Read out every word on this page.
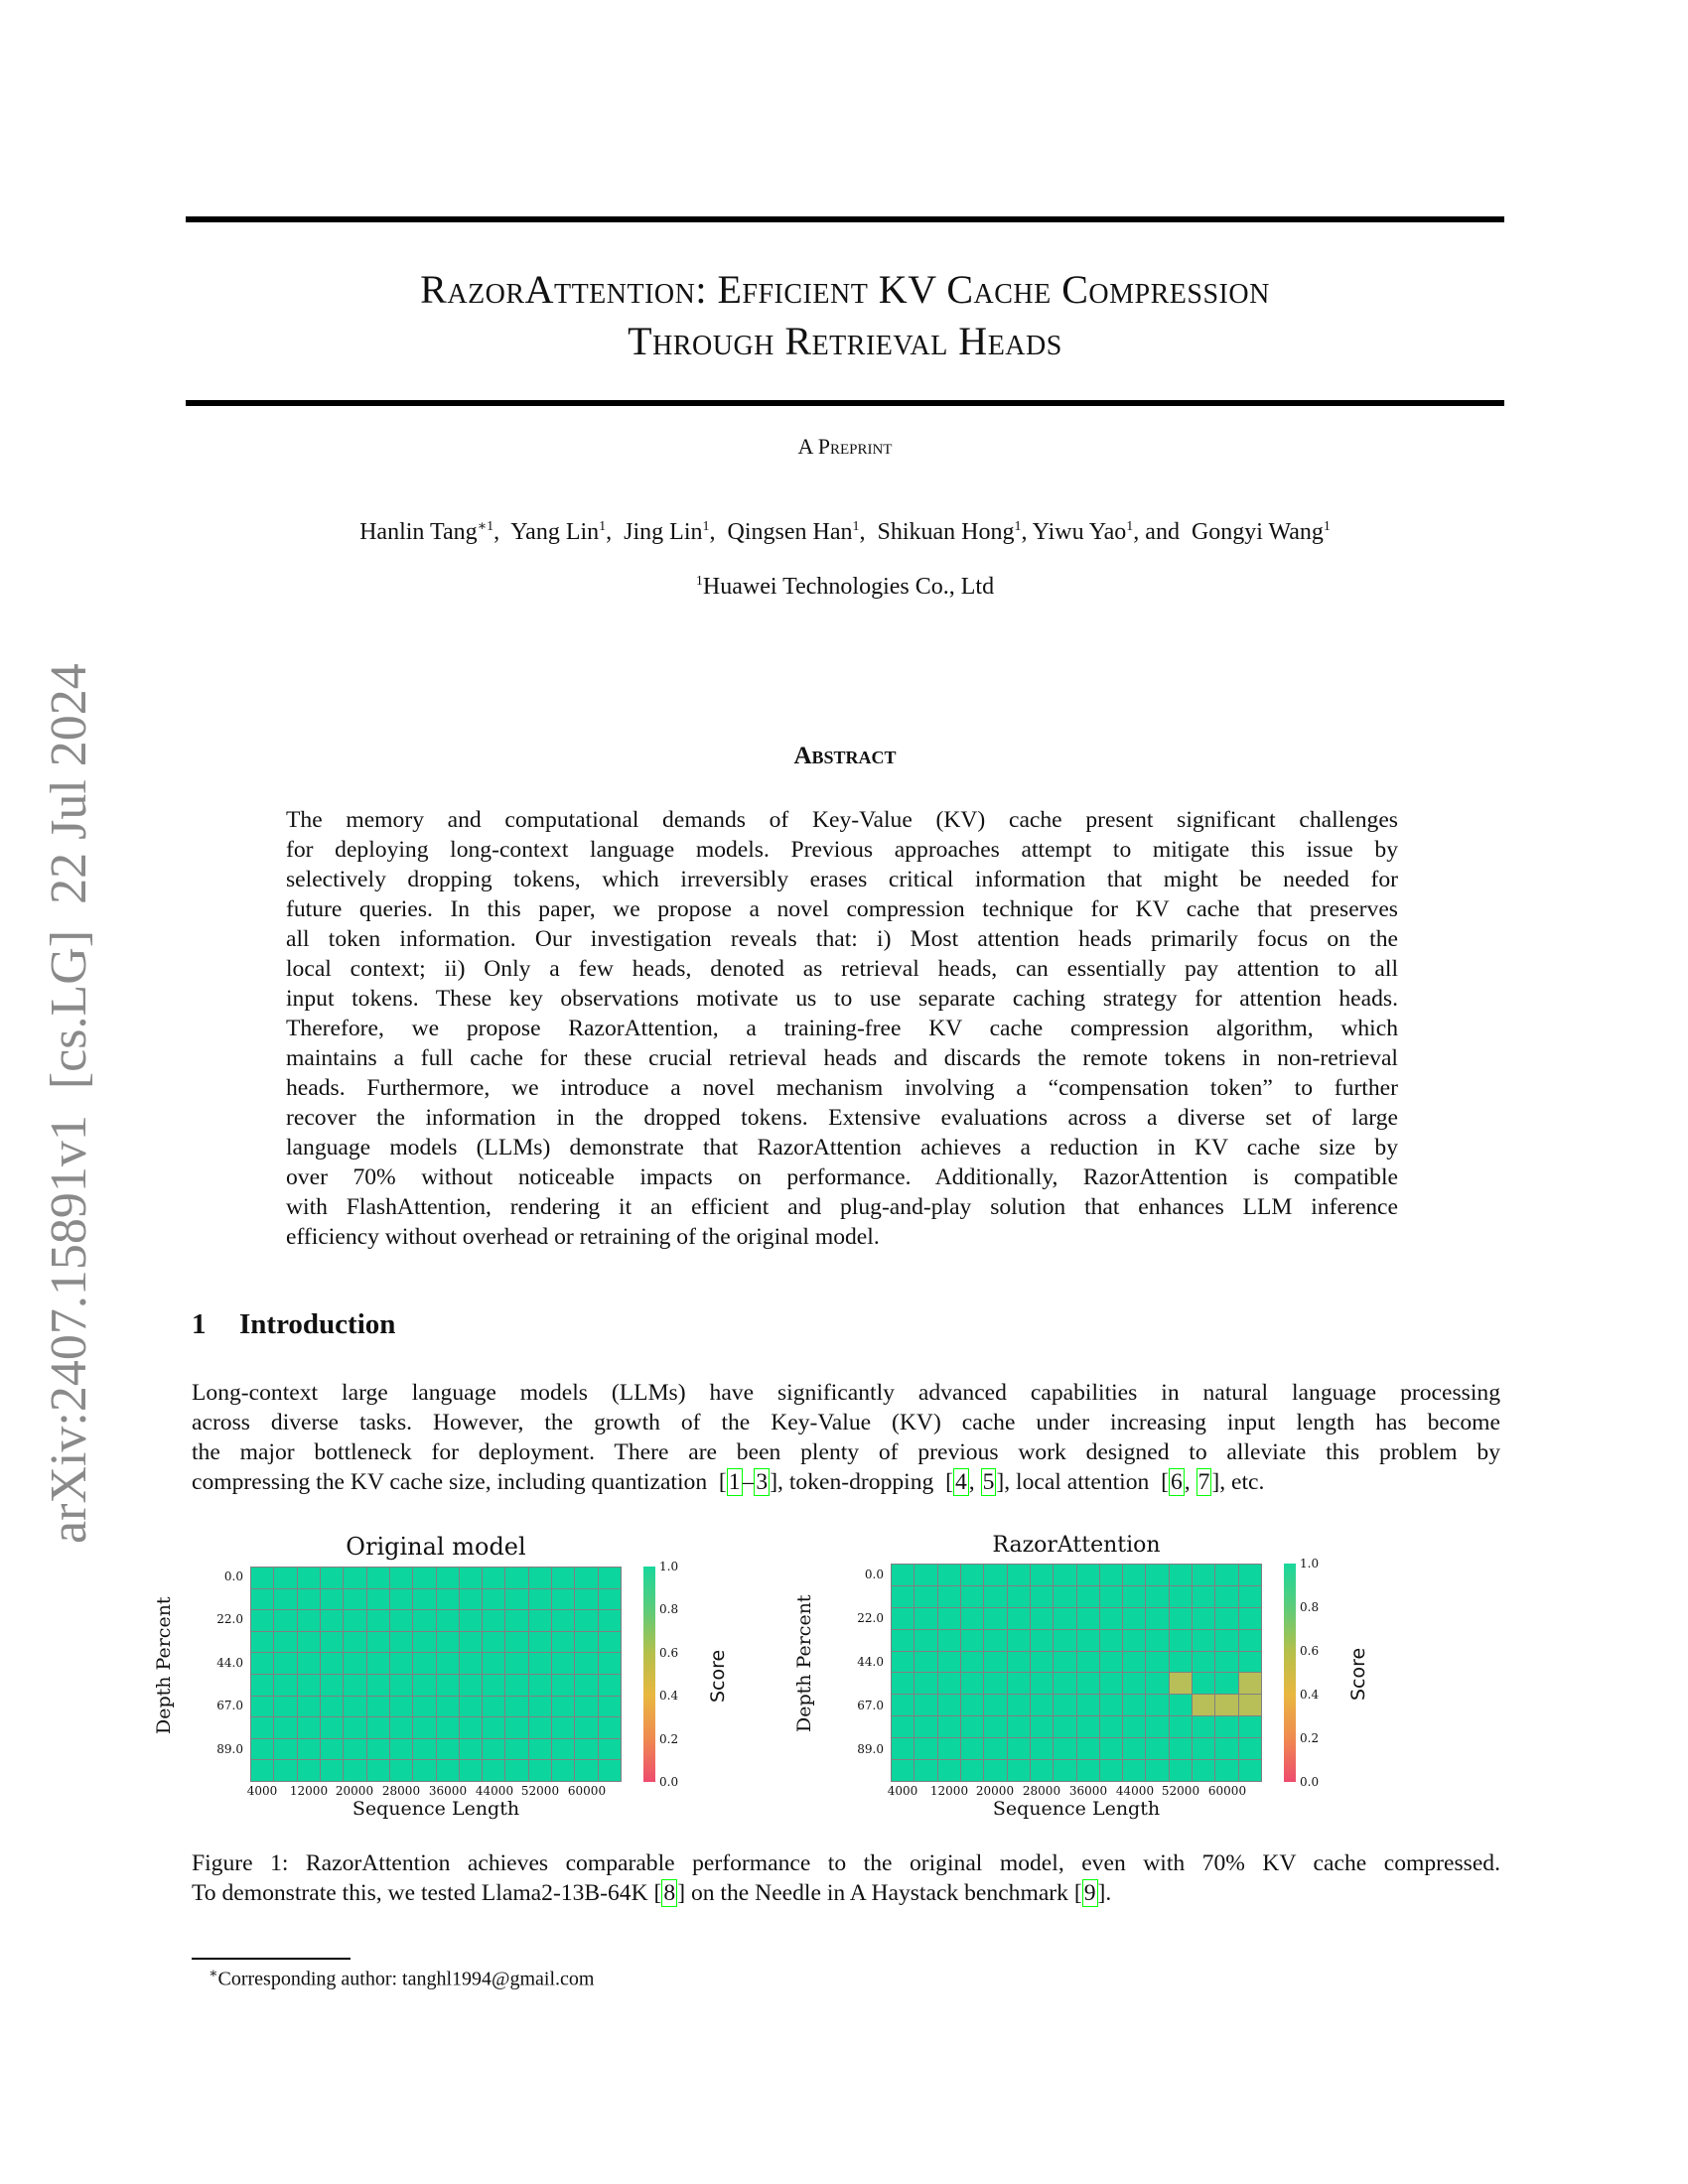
arXiv:2407.15891v1  [cs.LG]  22 Jul 2024
RazorAttention: Efficient KV Cache Compression
Through Retrieval Heads
A Preprint
Hanlin Tang$^{∗1}$,  Yang Lin$^1$,  Jing Lin$^1$,  Qingsen Han$^1$,  Shikuan Hong$^1$, Yiwu Yao$^1$, and  Gongyi Wang$^1$
$^1$Huawei Technologies Co., Ltd
Abstract
The memory and computational demands of Key-Value (KV) cache present significant challenges
for deploying long-context language models. Previous approaches attempt to mitigate this issue by
selectively dropping tokens, which irreversibly erases critical information that might be needed for
future queries. In this paper, we propose a novel compression technique for KV cache that preserves
all token information. Our investigation reveals that: i) Most attention heads primarily focus on the
local context; ii) Only a few heads, denoted as retrieval heads, can essentially pay attention to all
input tokens. These key observations motivate us to use separate caching strategy for attention heads.
Therefore, we propose RazorAttention, a training-free KV cache compression algorithm, which
maintains a full cache for these crucial retrieval heads and discards the remote tokens in non-retrieval
heads. Furthermore, we introduce a novel mechanism involving a “compensation token” to further
recover the information in the dropped tokens. Extensive evaluations across a diverse set of large
language models (LLMs) demonstrate that RazorAttention achieves a reduction in KV cache size by
over 70% without noticeable impacts on performance. Additionally, RazorAttention is compatible
with FlashAttention, rendering it an efficient and plug-and-play solution that enhances LLM inference
efficiency without overhead or retraining of the original model.
1 Introduction
Long-context large language models (LLMs) have significantly advanced capabilities in natural language processing
across diverse tasks. However, the growth of the Key-Value (KV) cache under increasing input length has become
the major bottleneck for deployment. There are been plenty of previous work designed to alleviate this problem by
compressing the KV cache size, including quantization  [1–3], token-dropping  [4, 5], local attention  [6, 7], etc.
Original model
0.0
22.0
44.0
67.0
89.0
Depth Percent
4000	12000 20000 28000 36000 44000 52000 60000
Sequence Length
1.0
0.8
0.6
0.4
0.2
0.0
Score
RazorAttention
0.0
22.0
44.0
67.0
89.0
Depth Percent
4000	12000 20000 28000 36000 44000 52000 60000
Sequence Length
1.0
0.8
0.6
0.4
0.2
0.0
Score
Figure 1: RazorAttention achieves comparable performance to the original model, even with 70% KV cache compressed.
To demonstrate this, we tested Llama2-13B-64K [8] on the Needle in A Haystack benchmark [9].
∗Corresponding author: tanghl1994@gmail.com
